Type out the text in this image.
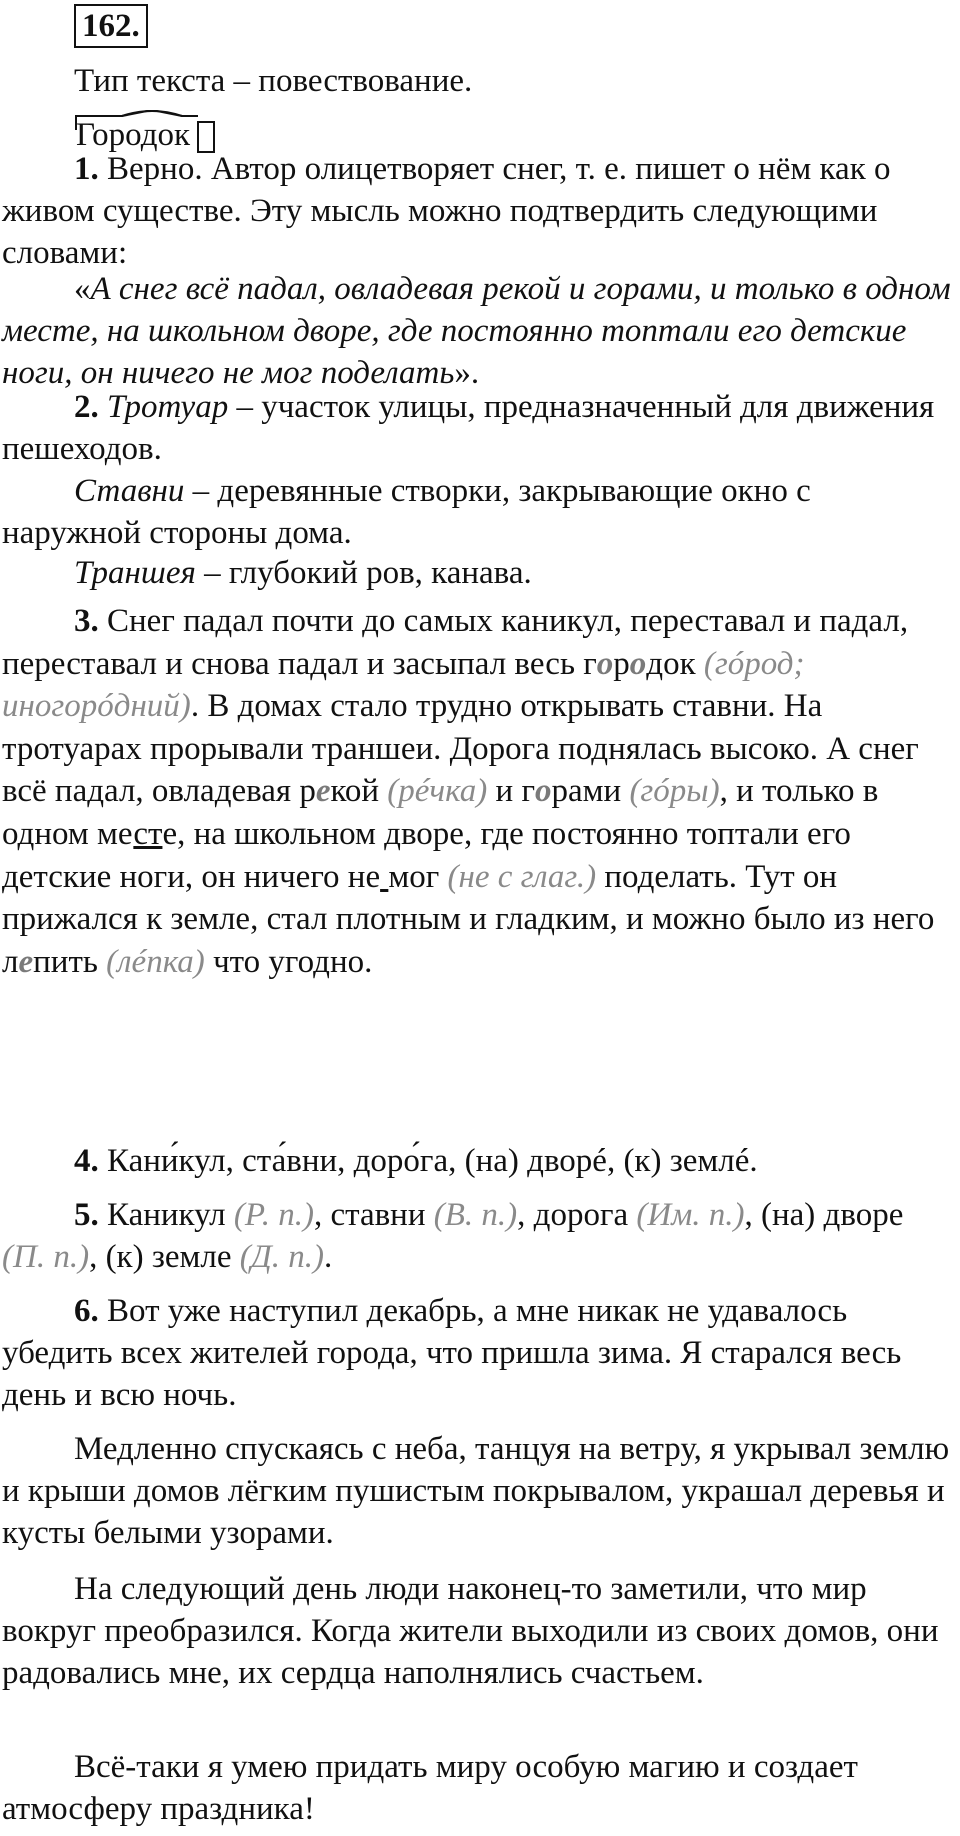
162.

Тип текста – повествование.

Городок

1. Верно. Автор олицетворяет снег, т. е. пишет о нём как о живом существе. Эту мысль можно подтвердить следующими словами:

«А снег всё падал, овладевая рекой и горами, и только в одном месте, на школьном дворе, где постоянно топтали его детские ноги, он ничего не мог поделать».

2. Тротуар – участок улицы, предназначенный для движения пешеходов.

Ставни – деревянные створки, закрывающие окно с наружной стороны дома.

Траншея – глубокий ров, канава.

3. Снег падал почти до самых каникул, переставал и падал, переставал и снова падал и засыпал весь городок (гóрод; иногорóдний). В домах стало трудно открывать ставни. На тротуарах прорывали траншеи. Дорога поднялась высоко. А снег всё падал, овладевая рекой (рéчка) и горами (гóры), и только в одном месте, на школьном дворе, где постоянно топтали его детские ноги, он ничего не мог (не с глаг.) поделать. Тут он прижался к земле, стал плотным и гладким, и можно было из него лепить (лéпка) что угодно.

4. Кани́кул, ста́вни, доро́га, (на) дворé, (к) землé.

5. Каникул (Р. п.), ставни (В. п.), дорога (Им. п.), (на) дворе (П. п.), (к) земле (Д. п.).

6. Вот уже наступил декабрь, а мне никак не удавалось убедить всех жителей города, что пришла зима. Я старался весь день и всю ночь.

Медленно спускаясь с неба, танцуя на ветру, я укрывал землю и крыши домов лёгким пушистым покрывалом, украшал деревья и кусты белыми узорами.

На следующий день люди наконец-то заметили, что мир вокруг преобразился. Когда жители выходили из своих домов, они радовались мне, их сердца наполнялись счастьем.

Всё-таки я умею придать миру особую магию и создает атмосферу праздника!
